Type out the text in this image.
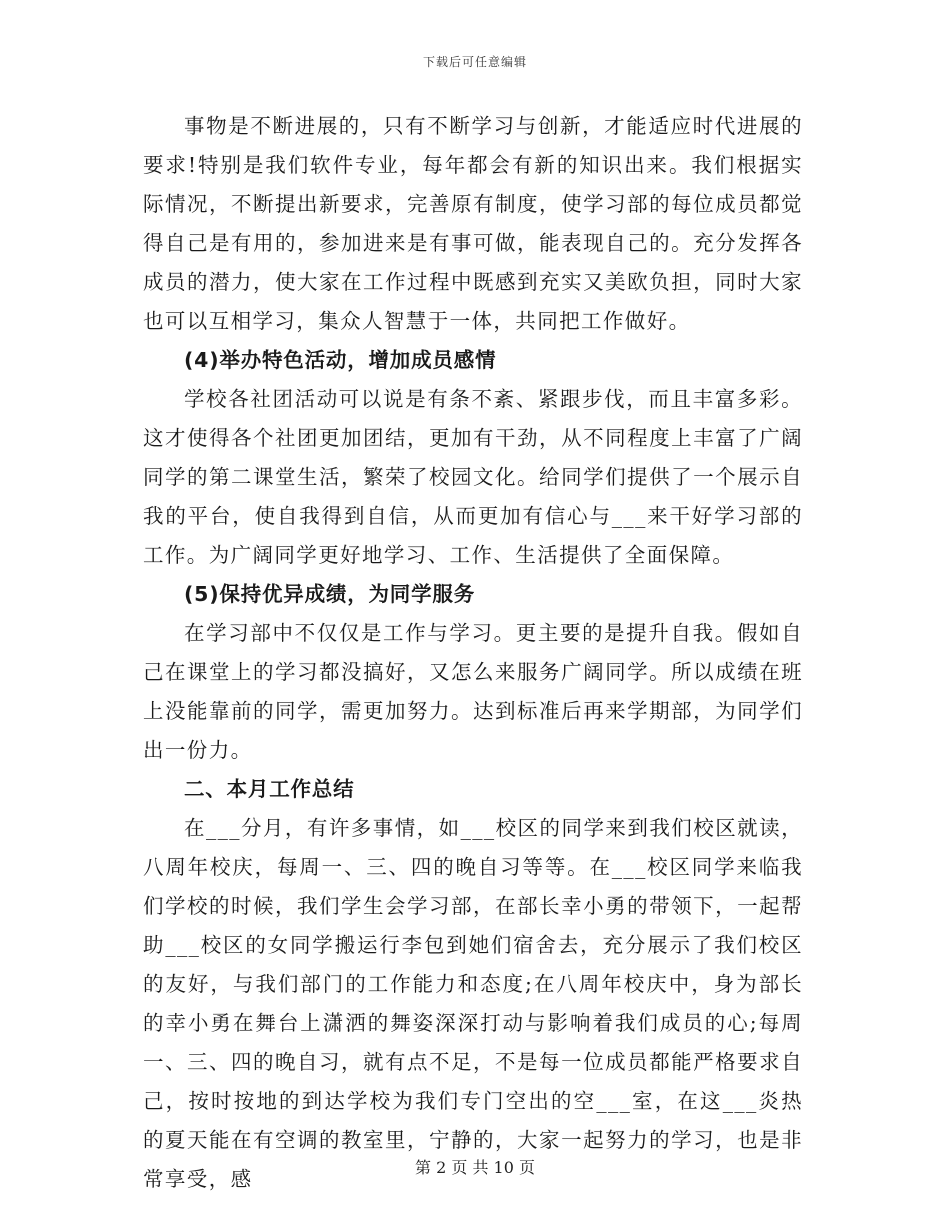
下载后可任意编辑

事物是不断进展的，只有不断学习与创新，才能适应时代进展的要求!特别是我们软件专业，每年都会有新的知识出来。我们根据实际情况，不断提出新要求，完善原有制度，使学习部的每位成员都觉得自己是有用的，参加进来是有事可做，能表现自己的。充分发挥各成员的潜力，使大家在工作过程中既感到充实又美欧负担，同时大家也可以互相学习，集众人智慧于一体，共同把工作做好。

(4)举办特色活动，增加成员感情

学校各社团活动可以说是有条不紊、紧跟步伐，而且丰富多彩。这才使得各个社团更加团结，更加有干劲，从不同程度上丰富了广阔同学的第二课堂生活，繁荣了校园文化。给同学们提供了一个展示自我的平台，使自我得到自信，从而更加有信心与___来干好学习部的工作。为广阔同学更好地学习、工作、生活提供了全面保障。

(5)保持优异成绩，为同学服务

在学习部中不仅仅是工作与学习。更主要的是提升自我。假如自己在课堂上的学习都没搞好，又怎么来服务广阔同学。所以成绩在班上没能靠前的同学，需更加努力。达到标准后再来学期部，为同学们出一份力。

二、本月工作总结

在___分月，有许多事情，如___校区的同学来到我们校区就读，八周年校庆，每周一、三、四的晚自习等等。在___校区同学来临我们学校的时候，我们学生会学习部，在部长幸小勇的带领下，一起帮助___校区的女同学搬运行李包到她们宿舍去，充分展示了我们校区的友好，与我们部门的工作能力和态度;在八周年校庆中，身为部长的幸小勇在舞台上潇洒的舞姿深深打动与影响着我们成员的心;每周一、三、四的晚自习，就有点不足，不是每一位成员都能严格要求自己，按时按地的到达学校为我们专门空出的空___室，在这___炎热的夏天能在有空调的教室里，宁静的，大家一起努力的学习，也是非常享受，感	第 2 页 共 10 页
